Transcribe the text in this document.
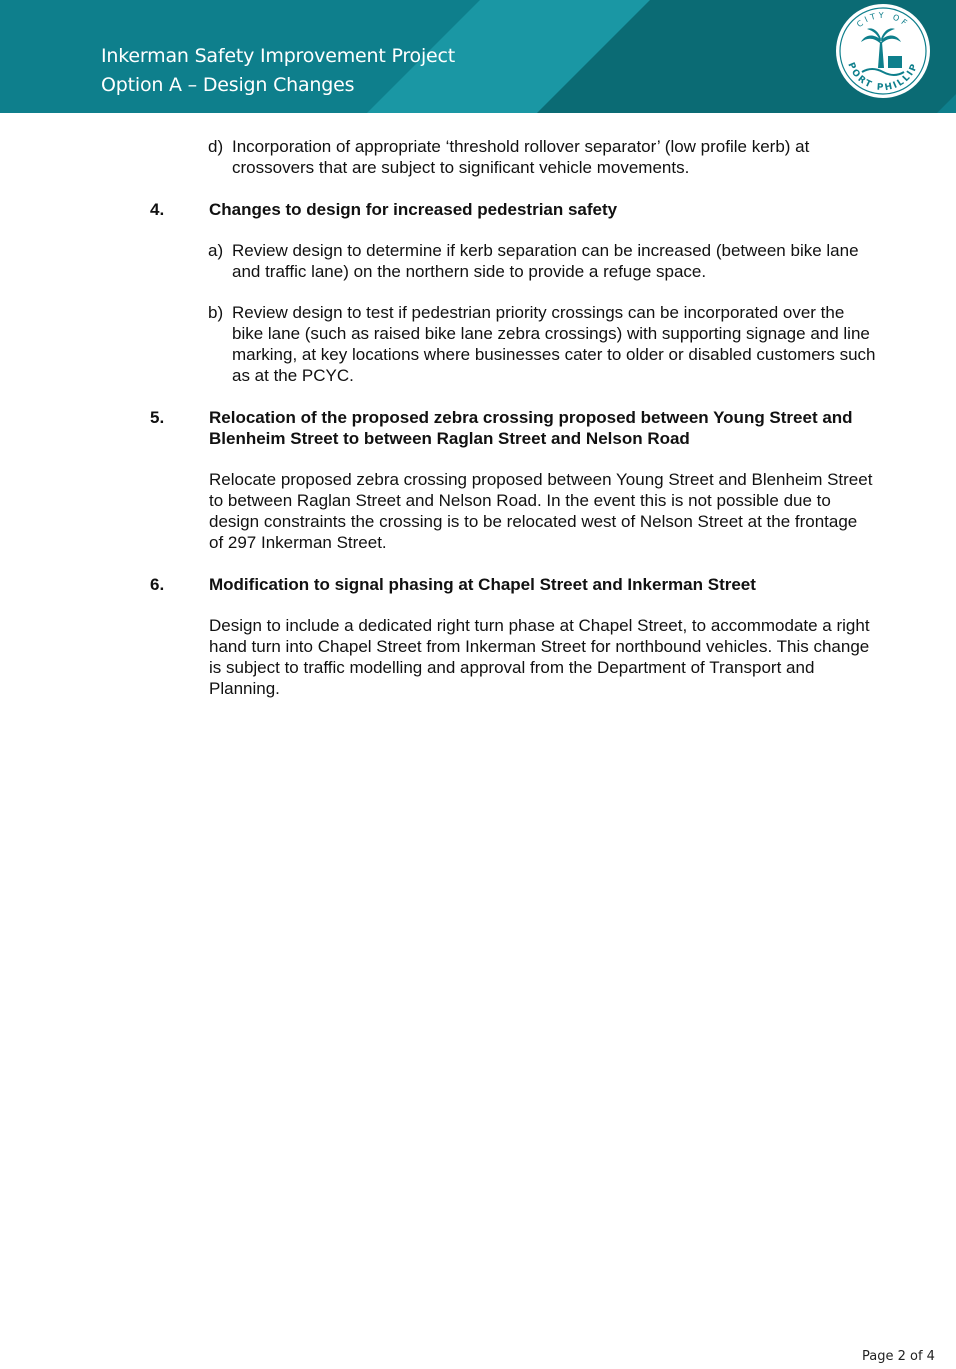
Inkerman Safety Improvement Project
Option A – Design Changes
CITY OF
PORT PHILLIP
d) Incorporation of appropriate ‘threshold rollover separator’ (low profile kerb) at
crossovers that are subject to significant vehicle movements.
4.	Changes to design for increased pedestrian safety
a) Review design to determine if kerb separation can be increased (between bike lane
and traffic lane) on the northern side to provide a refuge space.
b) Review design to test if pedestrian priority crossings can be incorporated over the
bike lane (such as raised bike lane zebra crossings) with supporting signage and line
marking, at key locations where businesses cater to older or disabled customers such
as at the PCYC.
5.	Relocation of the proposed zebra crossing proposed between Young Street and
Blenheim Street to between Raglan Street and Nelson Road
Relocate proposed zebra crossing proposed between Young Street and Blenheim Street
to between Raglan Street and Nelson Road. In the event this is not possible due to
design constraints the crossing is to be relocated west of Nelson Street at the frontage
of 297 Inkerman Street.
6.	Modification to signal phasing at Chapel Street and Inkerman Street
Design to include a dedicated right turn phase at Chapel Street, to accommodate a right
hand turn into Chapel Street from Inkerman Street for northbound vehicles. This change
is subject to traffic modelling and approval from the Department of Transport and
Planning.
Page 2 of 4
